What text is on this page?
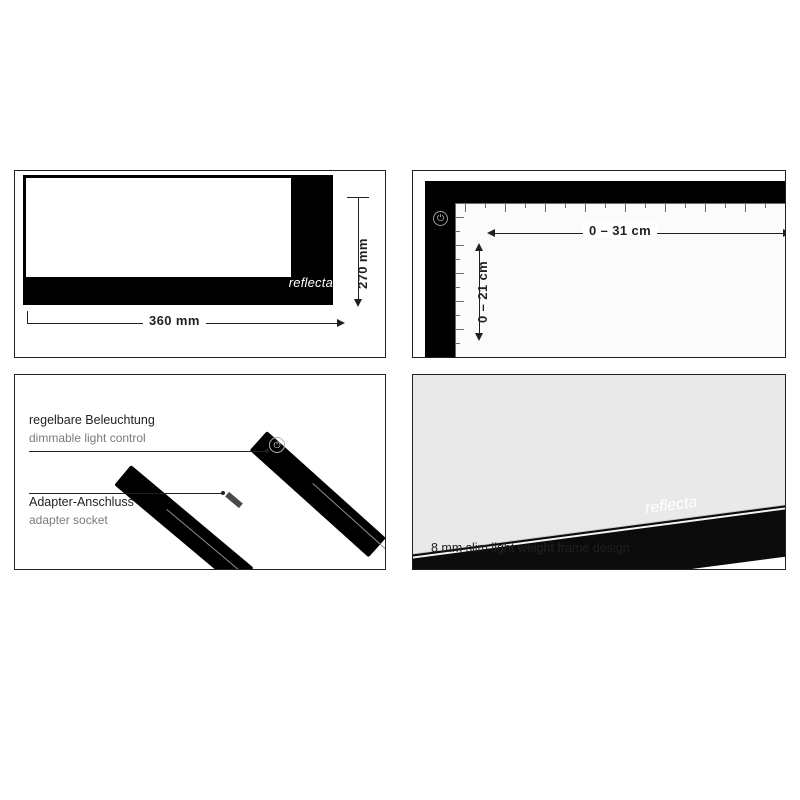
reflecta 270 mm
360 mm
⏻
0 – 31 cm
0 – 21 cm
⏻
regelbare Beleuchtung
dimmable light control
Adapter-Anschluss
adapter socket
reflecta
8 mm slim light weight frame design
